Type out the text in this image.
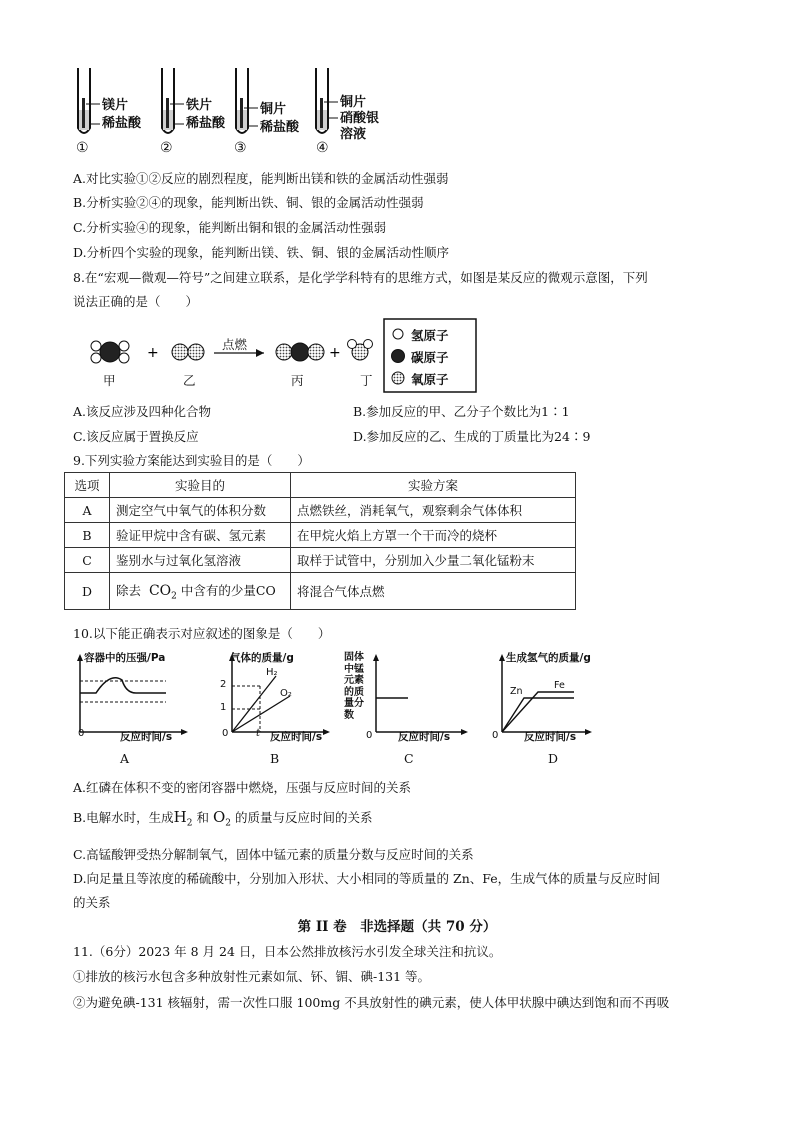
镁片
稀盐酸
①
铁片
稀盐酸
②
铜片
稀盐酸
③
铜片
硝酸银
溶液
④
A.对比实验①②反应的剧烈程度，能判断出镁和铁的金属活动性强弱
B.分析实验②④的现象，能判断出铁、铜、银的金属活动性强弱
C.分析实验④的现象，能判断出铜和银的金属活动性强弱
D.分析四个实验的现象，能判断出镁、铁、铜、银的金属活动性顺序
8.在“宏观—微观—符号”之间建立联系，是化学学科特有的思维方式，如图是某反应的微观示意图，下列
说法正确的是（　　）
+	+
点燃
甲	乙	丙	丁
氢原子
碳原子
氧原子
A.该反应涉及四种化合物	B.参加反应的甲、乙分子个数比为1∶1
C.该反应属于置换反应	D.参加反应的乙、生成的丁质量比为24∶9
9.下列实验方案能达到实验目的是（　　）
选项	实验目的	实验方案
A	测定空气中氧气的体积分数	点燃铁丝，消耗氧气，观察剩余气体体积
B	验证甲烷中含有碳、氢元素	在甲烷火焰上方罩一个干而冷的烧杯
C	鉴别水与过氧化氢溶液	取样于试管中，分别加入少量二氧化锰粉末
D	除去 $CO_2$ 中含有的少量CO	将混合气体点燃
10.以下能正确表示对应叙述的图象是（　　）
容器中的压强/Pa
0	反应时间/s
A
气体的质量/g
2
1
H₂
O₂
0	t 反应时间/s
B
固体
中锰
元素
的质
量分
数
0 反应时间/s
C
生成氢气的质量/g
Zn
Fe
0 反应时间/s
D
A.红磷在体积不变的密闭容器中燃烧，压强与反应时间的关系
B.电解水时，生成$H_2$ 和 $O_2$ 的质量与反应时间的关系
C.高锰酸钾受热分解制氧气，固体中锰元素的质量分数与反应时间的关系
D.向足量且等浓度的稀硫酸中，分别加入形状、大小相同的等质量的 Zn、Fe，生成气体的质量与反应时间
的关系
第 II 卷　非选择题（共 70 分）
11.（6分）2023 年 8 月 24 日，日本公然排放核污水引发全球关注和抗议。
①排放的核污水包含多种放射性元素如氚、钚、镅、碘-131 等。
②为避免碘-131 核辐射，需一次性口服 100mg 不具放射性的碘元素，使人体甲状腺中碘达到饱和而不再吸
